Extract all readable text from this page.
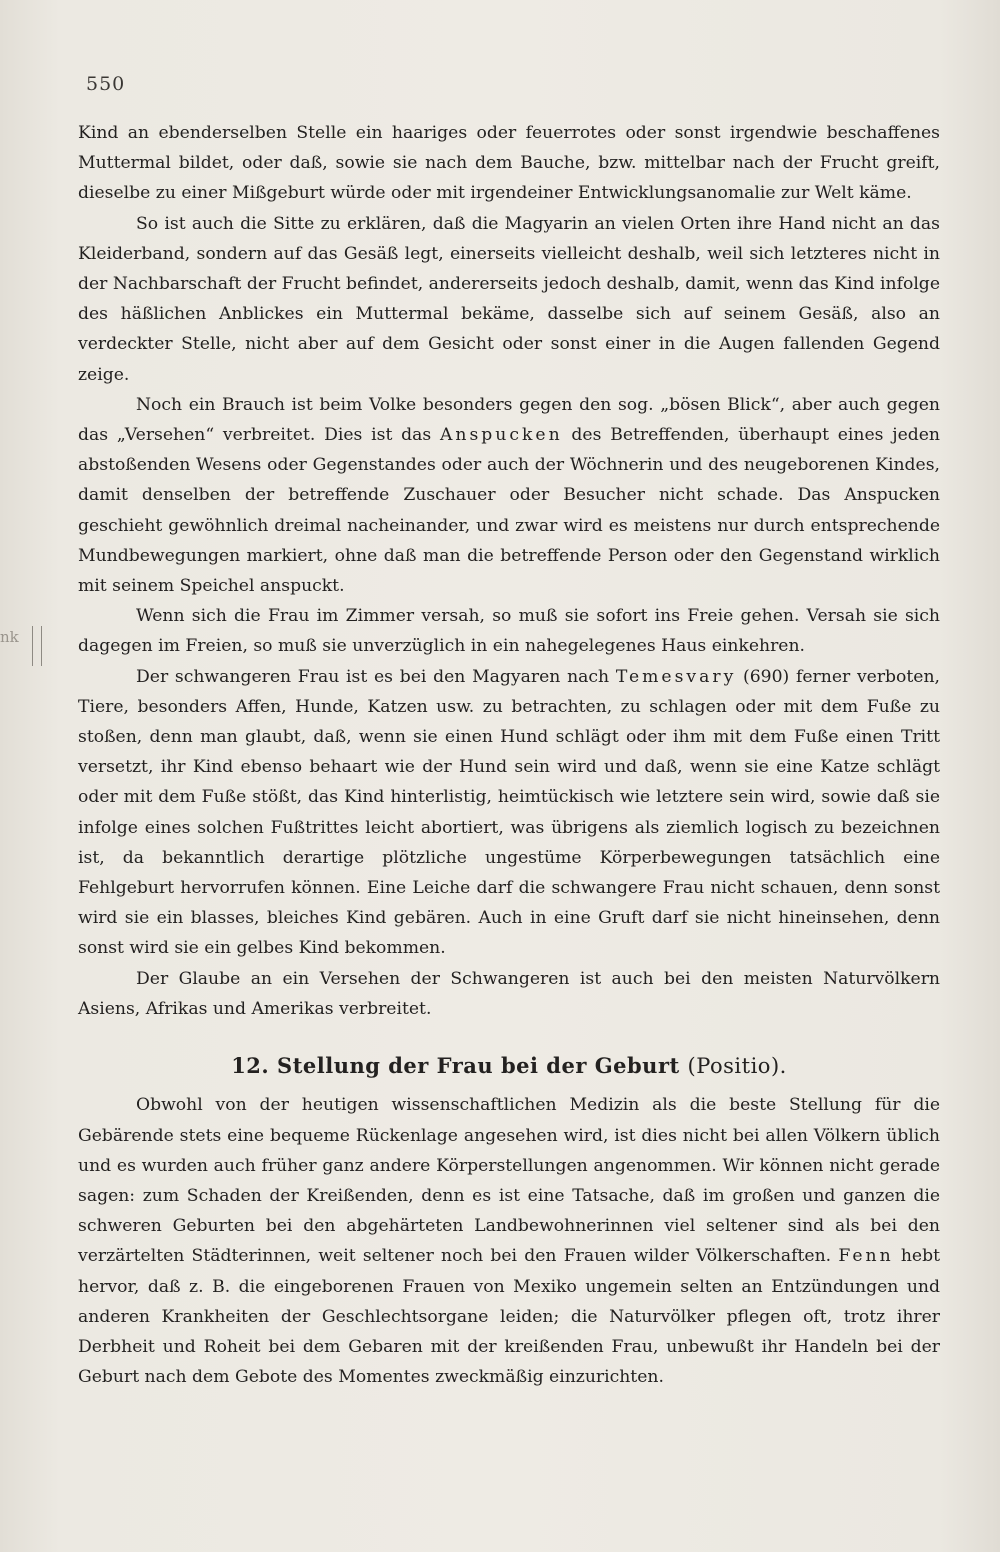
550
nk

Kind an ebenderselben Stelle ein haariges oder feuerrotes oder sonst irgendwie beschaffenes Muttermal bildet, oder daß, sowie sie nach dem Bauche, bzw. mittelbar nach der Frucht greift, dieselbe zu einer Mißgeburt würde oder mit irgendeiner Entwicklungsanomalie zur Welt käme.

So ist auch die Sitte zu erklären, daß die Magyarin an vielen Orten ihre Hand nicht an das Kleiderband, sondern auf das Gesäß legt, einerseits vielleicht deshalb, weil sich letzteres nicht in der Nachbarschaft der Frucht befindet, andererseits jedoch deshalb, damit, wenn das Kind infolge des häßlichen Anblickes ein Muttermal bekäme, dasselbe sich auf seinem Gesäß, also an verdeckter Stelle, nicht aber auf dem Gesicht oder sonst einer in die Augen fallenden Gegend zeige.

Noch ein Brauch ist beim Volke besonders gegen den sog. „bösen Blick“, aber auch gegen das „Versehen“ verbreitet. Dies ist das Anspucken des Betreffenden, überhaupt eines jeden abstoßenden Wesens oder Gegenstandes oder auch der Wöchnerin und des neugeborenen Kindes, damit denselben der betreffende Zuschauer oder Besucher nicht schade. Das Anspucken geschieht gewöhnlich dreimal nacheinander, und zwar wird es meistens nur durch entsprechende Mundbewegungen markiert, ohne daß man die betreffende Person oder den Gegenstand wirklich mit seinem Speichel anspuckt.

Wenn sich die Frau im Zimmer versah, so muß sie sofort ins Freie gehen. Versah sie sich dagegen im Freien, so muß sie unverzüglich in ein nahegelegenes Haus einkehren.

Der schwangeren Frau ist es bei den Magyaren nach Temesvary (690) ferner verboten, Tiere, besonders Affen, Hunde, Katzen usw. zu betrachten, zu schlagen oder mit dem Fuße zu stoßen, denn man glaubt, daß, wenn sie einen Hund schlägt oder ihm mit dem Fuße einen Tritt versetzt, ihr Kind ebenso behaart wie der Hund sein wird und daß, wenn sie eine Katze schlägt oder mit dem Fuße stößt, das Kind hinterlistig, heimtückisch wie letztere sein wird, sowie daß sie infolge eines solchen Fußtrittes leicht abortiert, was übrigens als ziemlich logisch zu bezeichnen ist, da bekanntlich derartige plötzliche ungestüme Körperbewegungen tatsächlich eine Fehlgeburt hervorrufen können. Eine Leiche darf die schwangere Frau nicht schauen, denn sonst wird sie ein blasses, bleiches Kind gebären. Auch in eine Gruft darf sie nicht hineinsehen, denn sonst wird sie ein gelbes Kind bekommen.

Der Glaube an ein Versehen der Schwangeren ist auch bei den meisten Naturvölkern Asiens, Afrikas und Amerikas verbreitet.

12. Stellung der Frau bei der Geburt (Positio).

Obwohl von der heutigen wissenschaftlichen Medizin als die beste Stellung für die Gebärende stets eine bequeme Rückenlage angesehen wird, ist dies nicht bei allen Völkern üblich und es wurden auch früher ganz andere Körperstellungen angenommen. Wir können nicht gerade sagen: zum Schaden der Kreißenden, denn es ist eine Tatsache, daß im großen und ganzen die schweren Geburten bei den abgehärteten Landbewohnerinnen viel seltener sind als bei den verzärtelten Städterinnen, weit seltener noch bei den Frauen wilder Völkerschaften. Fenn hebt hervor, daß z. B. die eingeborenen Frauen von Mexiko ungemein selten an Entzündungen und anderen Krankheiten der Geschlechtsorgane leiden; die Naturvölker pflegen oft, trotz ihrer Derbheit und Roheit bei dem Gebaren mit der kreißenden Frau, unbewußt ihr Handeln bei der Geburt nach dem Gebote des Momentes zweckmäßig einzurichten.
